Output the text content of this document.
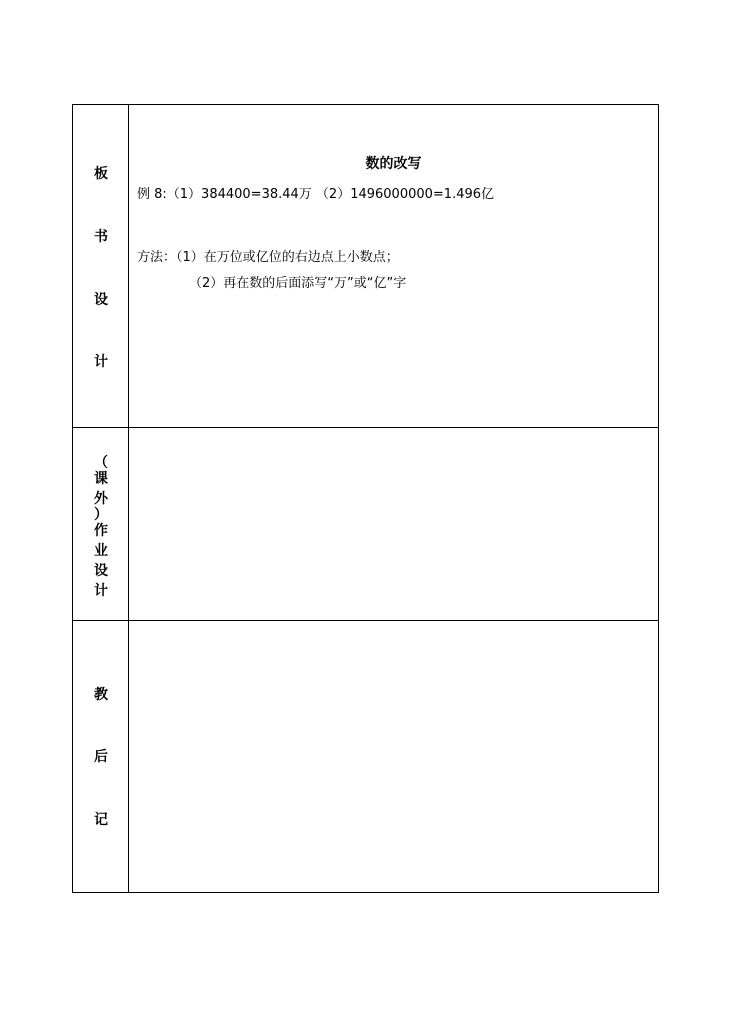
板
书
设
计
数的改写
例 8:（1）384400=38.44万 （2）1496000000=1.496亿
方法：（1）在万位或亿位的右边点上小数点；
（2）再在数的后面添写“万”或“亿”字
（
课
外
）
作
业
设
计
教
后
记
